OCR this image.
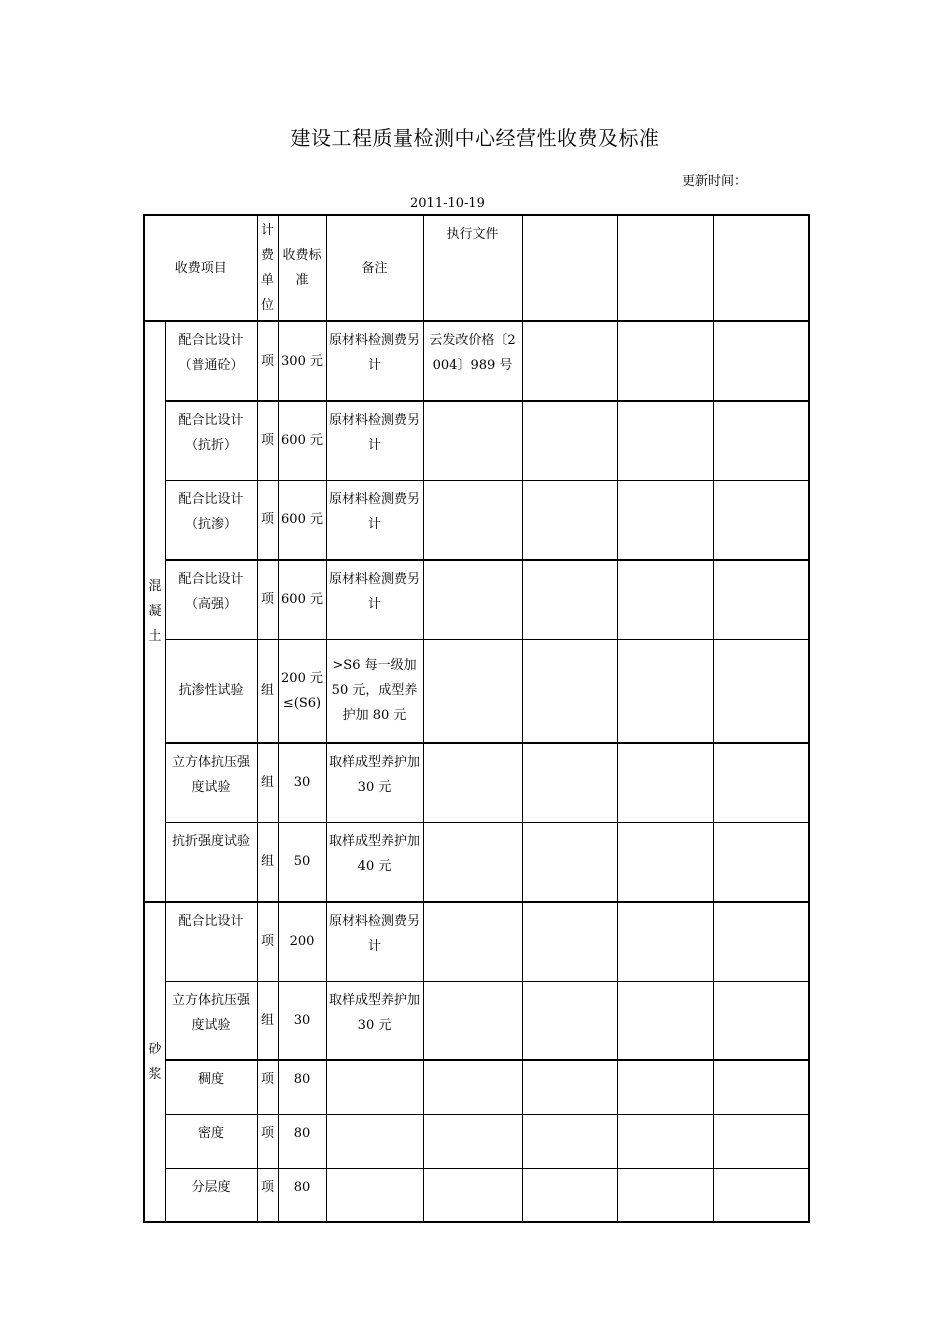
建设工程质量检测中心经营性收费及标准
更新时间：
2011-10-19
收费项目		计费单位	收费标准	备注	执行文件			
混凝土	配合比设计（普通砼）	项	300 元	原材料检测费另计	云发改价格〔2004〕989 号			
	配合比设计（抗折）	项	600 元	原材料检测费另计				
	配合比设计（抗渗）	项	600 元	原材料检测费另计				
	配合比设计（高强）	项	600 元	原材料检测费另计				
	抗渗性试验	组	200 元≤(S6)	>S6 每一级加 50 元，成型养护加 80 元				
	立方体抗压强度试验	组	30	取样成型养护加 30 元				
	抗折强度试验	组	50	取样成型养护加 40 元				
砂浆	配合比设计	项	200	原材料检测费另计				
	立方体抗压强度试验	组	30	取样成型养护加 30 元				
	稠度	项	80					
	密度	项	80					
	分层度	项	80					
